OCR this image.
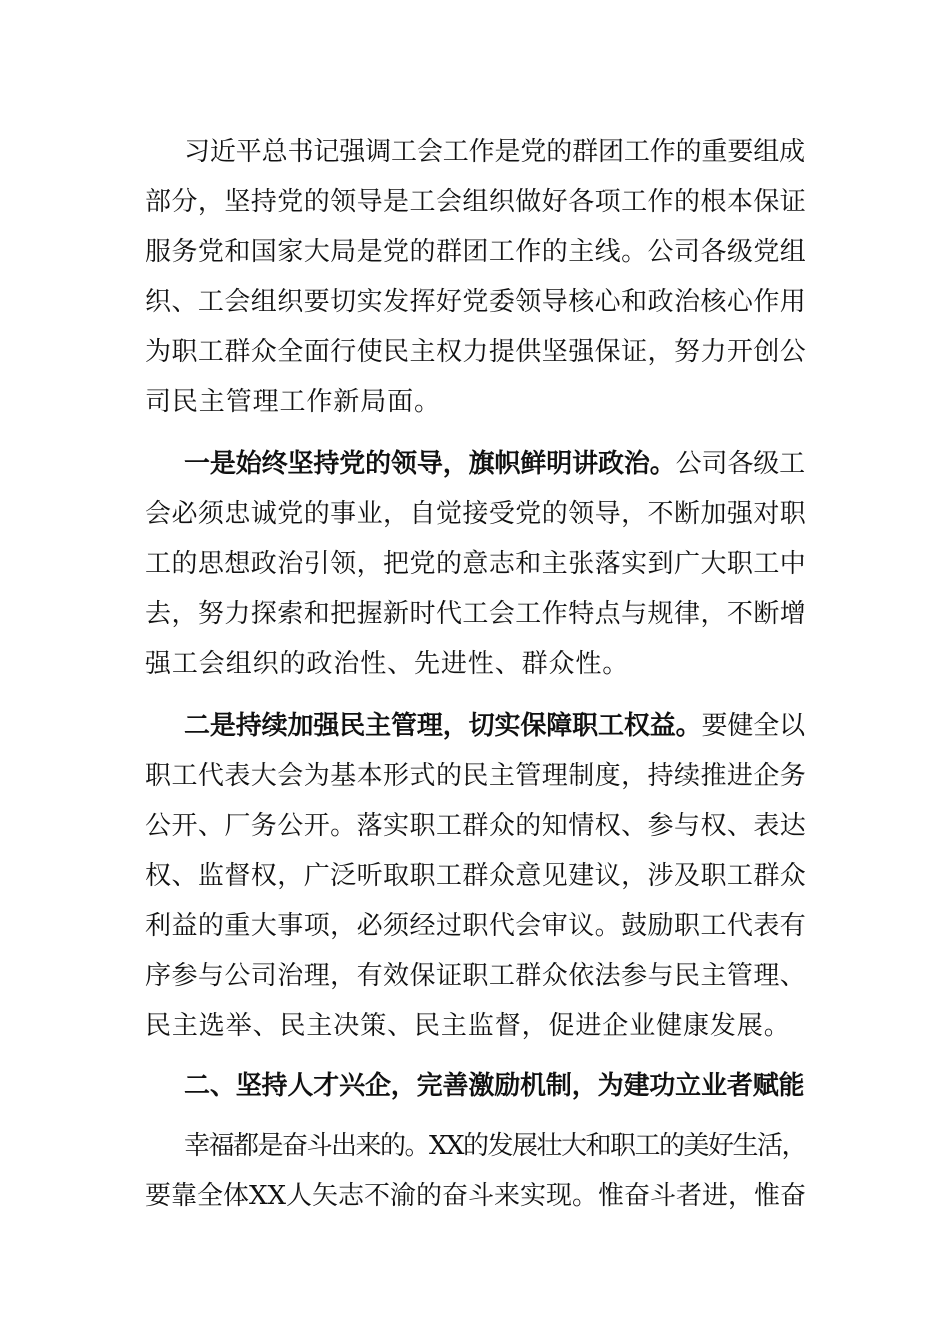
习近平总书记强调工会工作是党的群团工作的重要组成
部分，坚持党的领导是工会组织做好各项工作的根本保证
服务党和国家大局是党的群团工作的主线。公司各级党组
织、工会组织要切实发挥好党委领导核心和政治核心作用
为职工群众全面行使民主权力提供坚强保证，努力开创公
司民主管理工作新局面。
一是始终坚持党的领导，旗帜鲜明讲政治。公司各级工
会必须忠诚党的事业，自觉接受党的领导，不断加强对职
工的思想政治引领，把党的意志和主张落实到广大职工中
去，努力探索和把握新时代工会工作特点与规律，不断增
强工会组织的政治性、先进性、群众性。
二是持续加强民主管理，切实保障职工权益。要健全以
职工代表大会为基本形式的民主管理制度，持续推进企务
公开、厂务公开。落实职工群众的知情权、参与权、表达
权、监督权，广泛听取职工群众意见建议，涉及职工群众
利益的重大事项，必须经过职代会审议。鼓励职工代表有
序参与公司治理，有效保证职工群众依法参与民主管理、
民主选举、民主决策、民主监督，促进企业健康发展。
二、坚持人才兴企，完善激励机制，为建功立业者赋能
幸福都是奋斗出来的。XX的发展壮大和职工的美好生活，
要靠全体XX人矢志不渝的奋斗来实现。惟奋斗者进，惟奋
